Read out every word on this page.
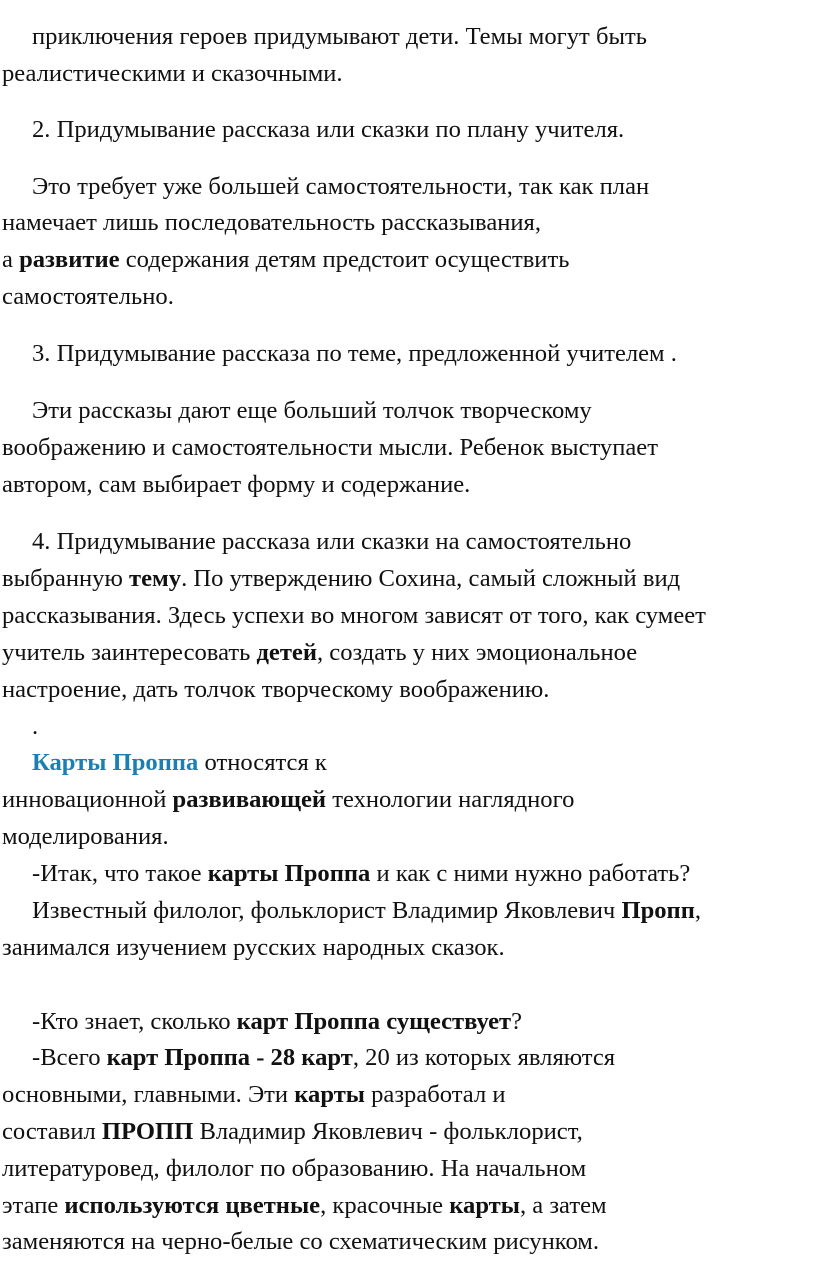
приключения героев придумывают дети. Темы могут быть
реалистическими и сказочными.
2. Придумывание рассказа или сказки по плану учителя.
Это требует уже большей самостоятельности, так как план
намечает лишь последовательность рассказывания,
а развитие содержания детям предстоит осуществить
самостоятельно.
3. Придумывание рассказа по теме, предложенной учителем .
Эти рассказы дают еще больший толчок творческому
воображению и самостоятельности мысли. Ребенок выступает
автором, сам выбирает форму и содержание.
4. Придумывание рассказа или сказки на самостоятельно
выбранную тему. По утверждению Сохина, самый сложный вид
рассказывания. Здесь успехи во многом зависят от того, как сумеет
учитель заинтересовать детей, создать у них эмоциональное
настроение, дать толчок творческому воображению.
.
Карты Проппа относятся к
инновационной развивающей технологии наглядного
моделирования.
-Итак, что такое карты Проппа и как с ними нужно работать?
Известный филолог, фольклорист Владимир Яковлевич Пропп,
занимался изучением русских народных сказок.
-Кто знает, сколько карт Проппа существует?
-Всего карт Проппа - 28 карт, 20 из которых являются
основными, главными. Эти карты разработал и
составил ПРОПП Владимир Яковлевич - фольклорист,
литературовед, филолог по образованию. На начальном
этапе используются цветные, красочные карты, а затем
заменяются на черно-белые со схематическим рисунком.
